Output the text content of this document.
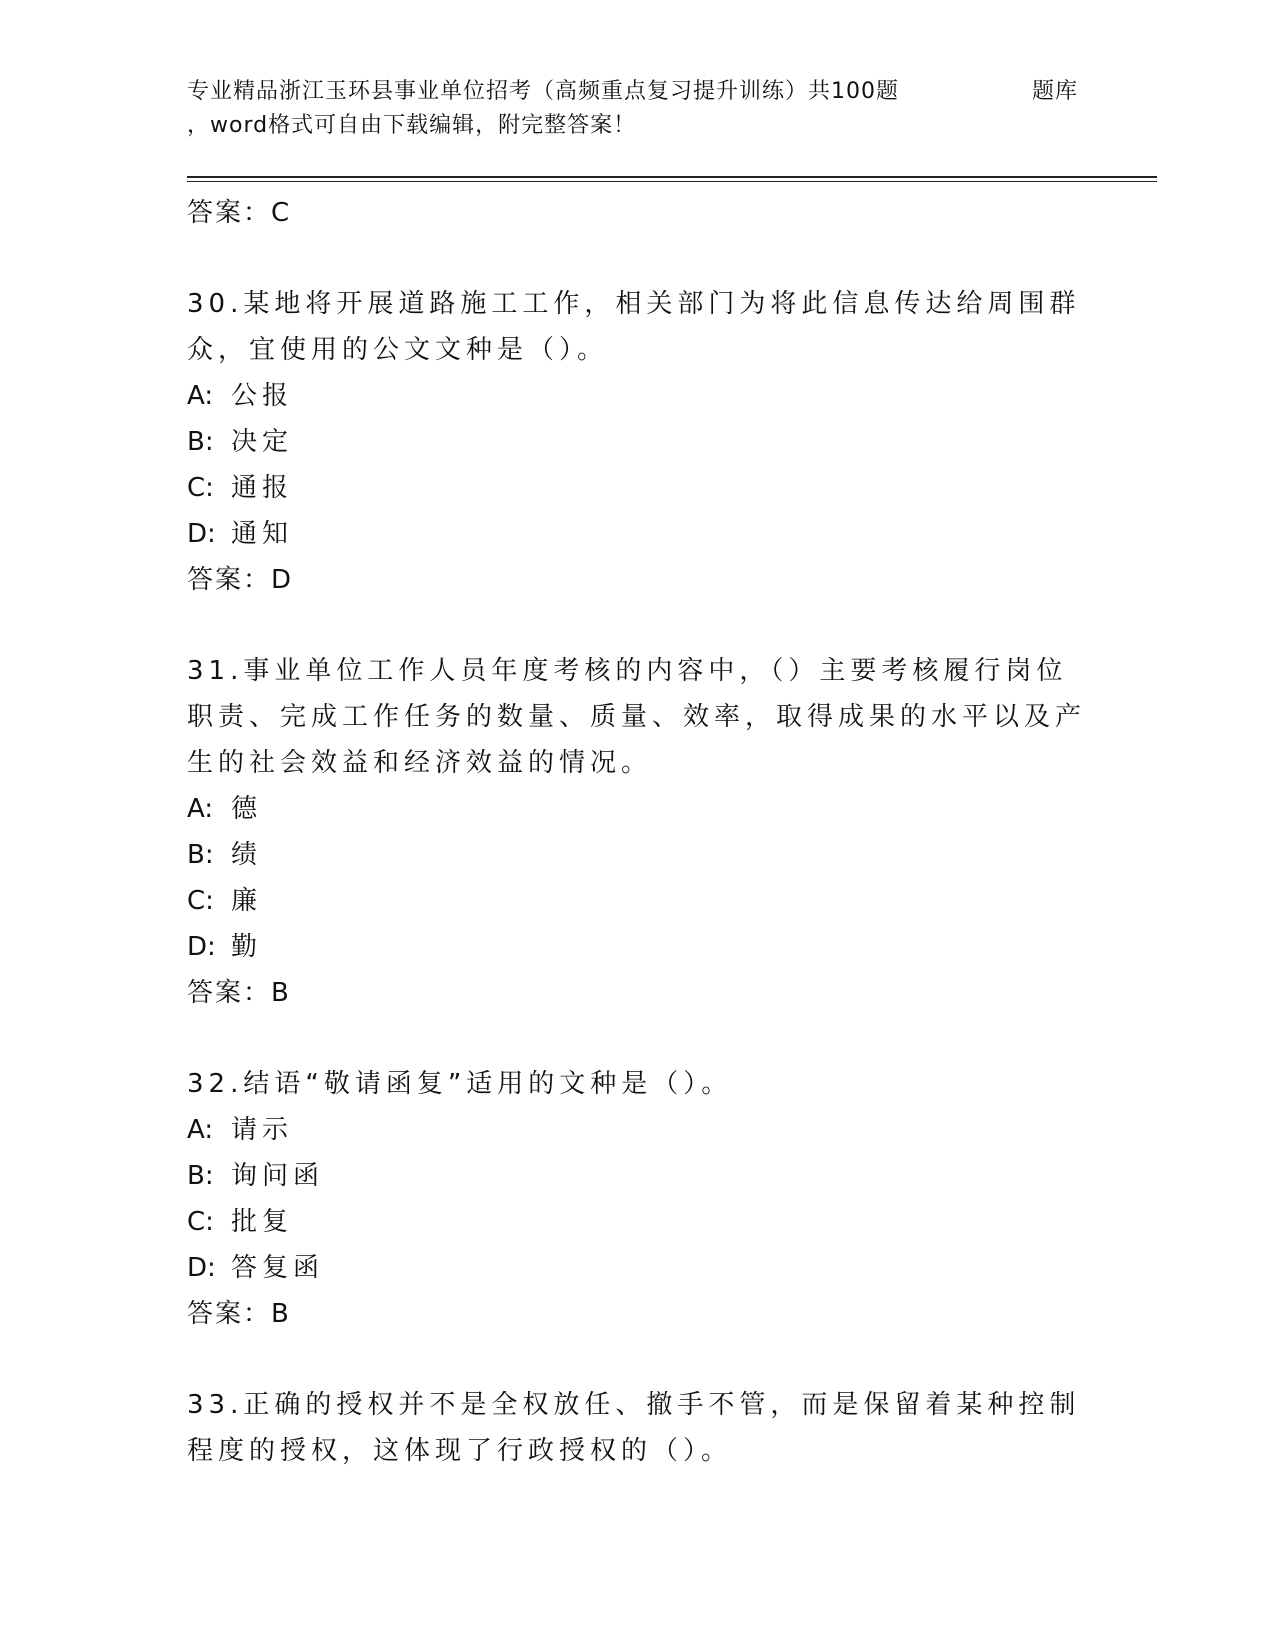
专业精品浙江玉环县事业单位招考（高频重点复习提升训练）共100题	题库
，word格式可自由下载编辑，附完整答案！
答案：C
30.某地将开展道路施工工作，相关部门为将此信息传达给周围群众，宜使用的公文文种是（）。
A: 公报
B: 决定
C: 通报
D: 通知
答案：D
31.事业单位工作人员年度考核的内容中，（）主要考核履行岗位职责、完成工作任务的数量、质量、效率，取得成果的水平以及产生的社会效益和经济效益的情况。
A: 德
B: 绩
C: 廉
D: 勤
答案：B
32.结语“敬请函复”适用的文种是（）。
A: 请示
B: 询问函
C: 批复
D: 答复函
答案：B
33.正确的授权并不是全权放任、撤手不管，而是保留着某种控制程度的授权，这体现了行政授权的（）。
